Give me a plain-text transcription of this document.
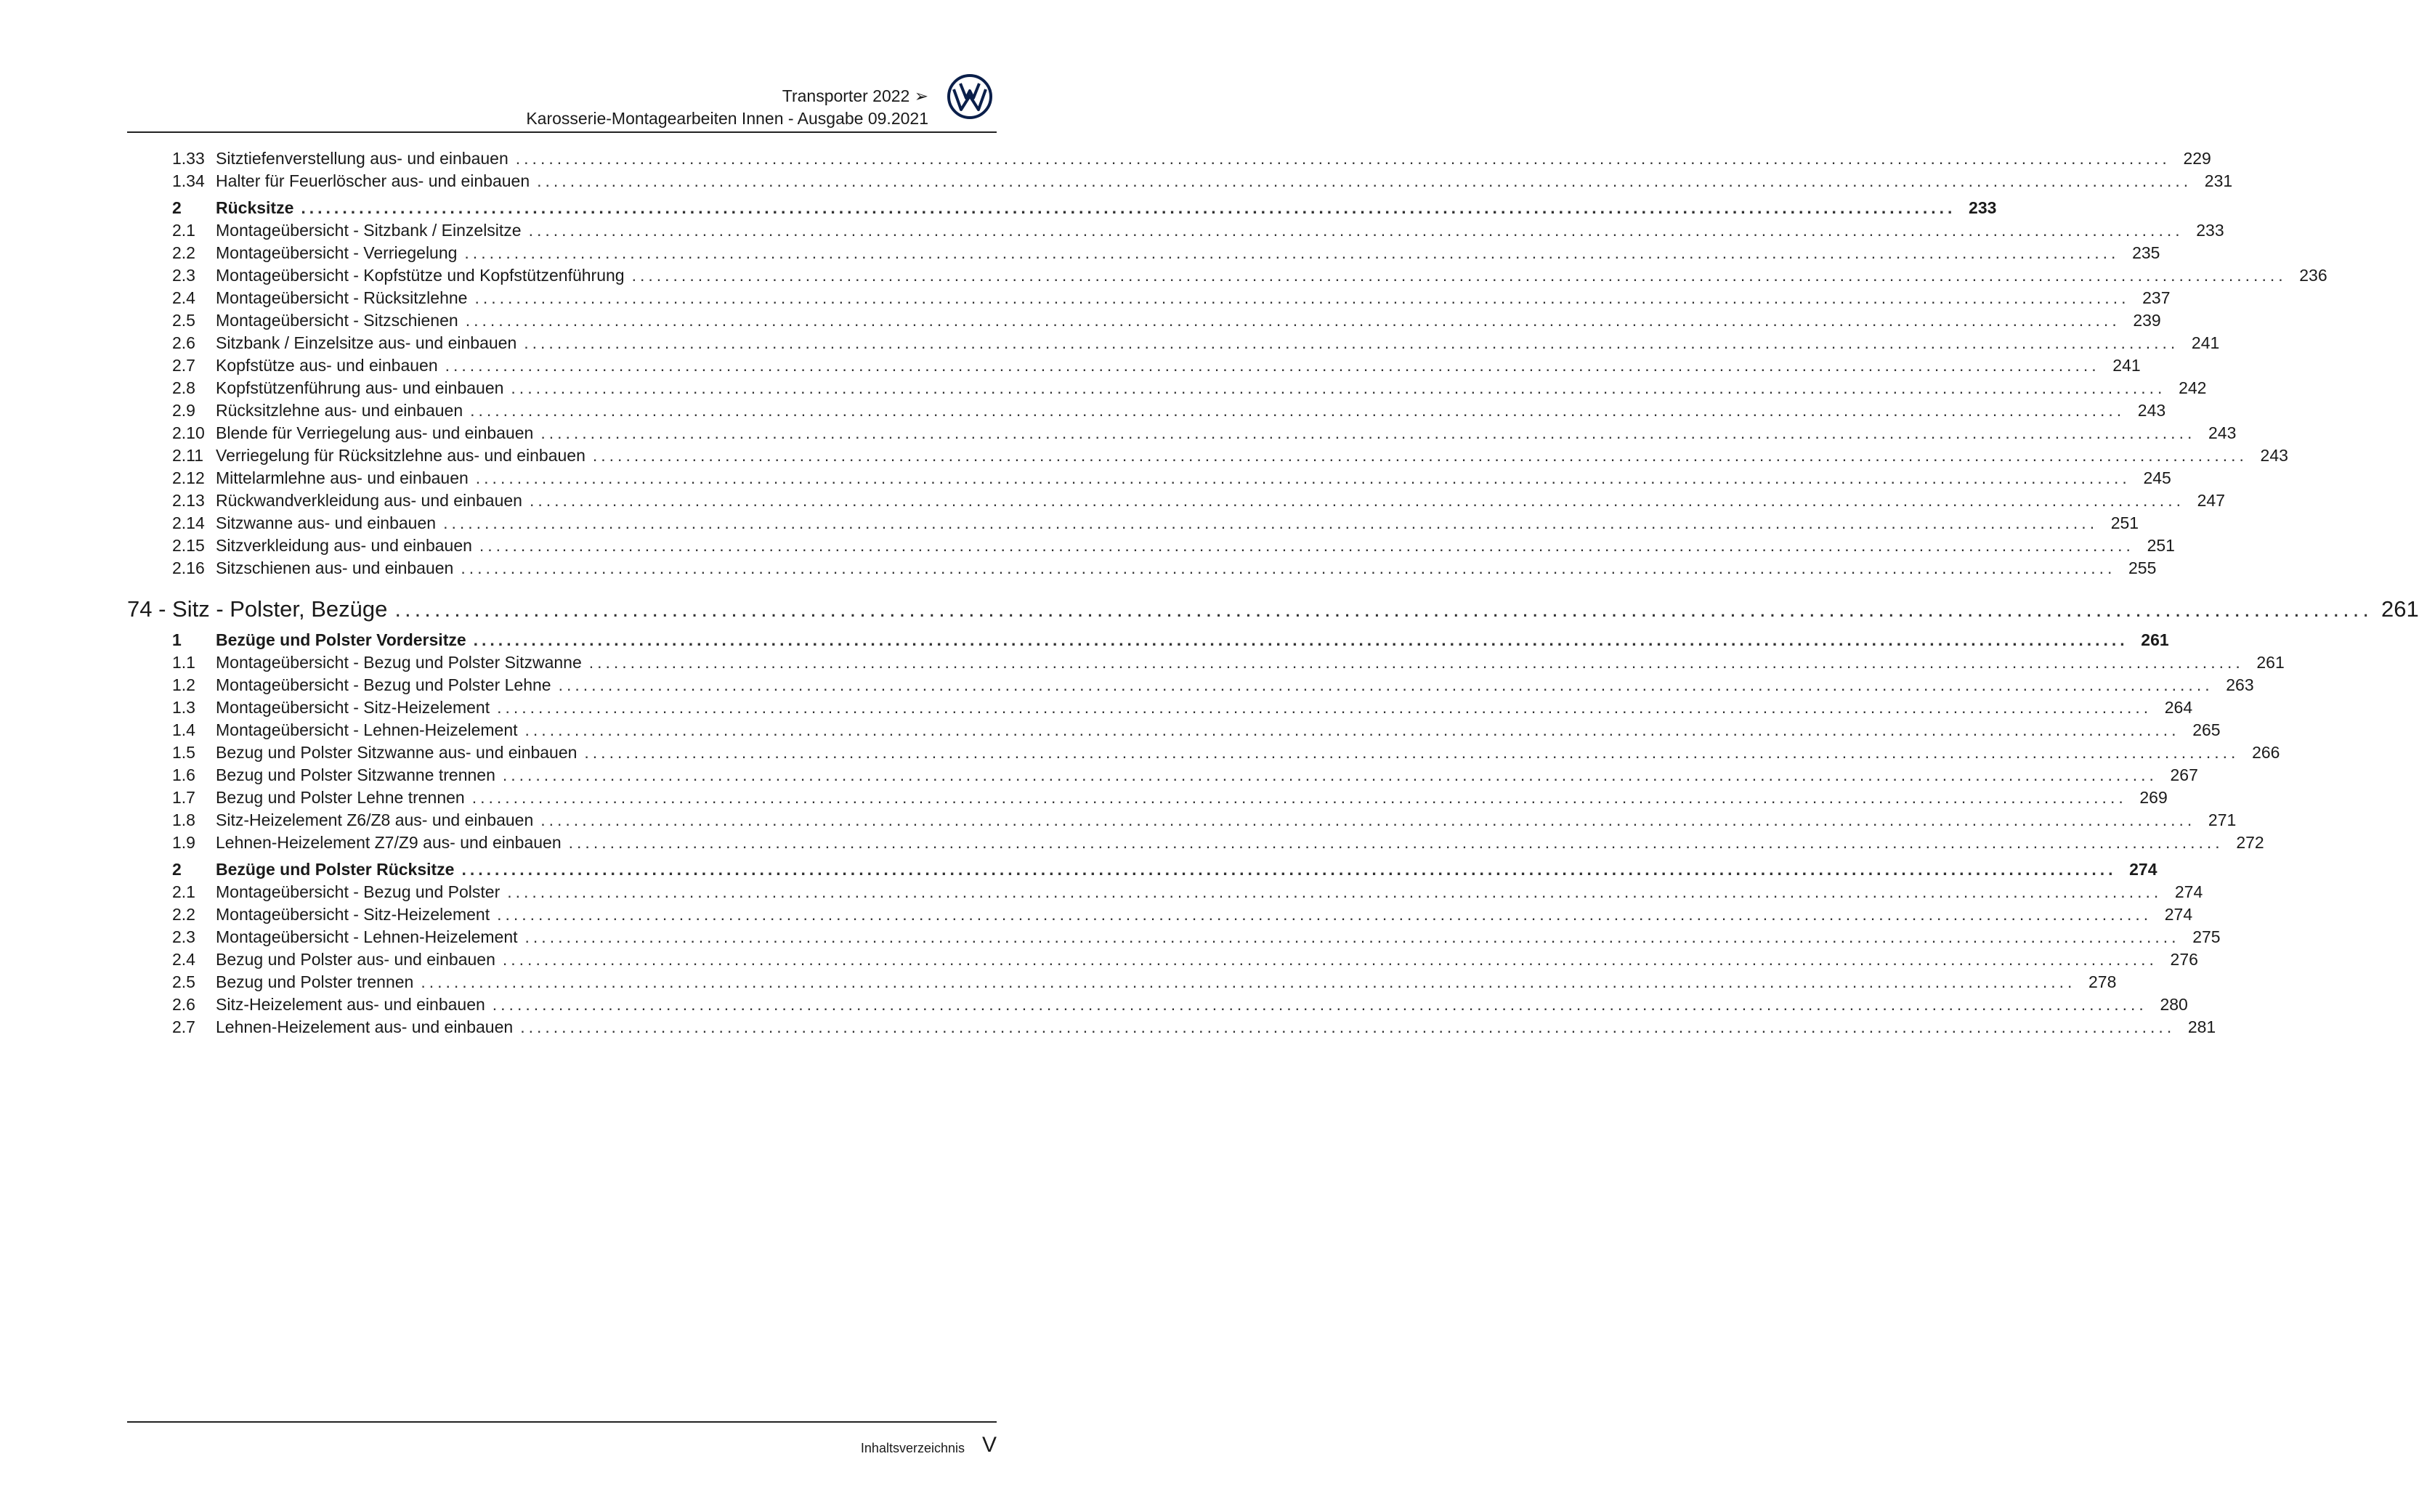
Transporter 2022 ➢
Karosserie-Montagearbeiten Innen - Ausgabe 09.2021
1.33 Sitztiefenverstellung aus- und einbauen ........................................................................................................................................................................................................ 229
1.34 Halter für Feuerlöscher aus- und einbauen ........................................................................................................................................................................................................ 231
2	Rücksitze ........................................................................................................................................................................................................ 233
2.1	Montageübersicht - Sitzbank / Einzelsitze ........................................................................................................................................................................................................ 233
2.2	Montageübersicht - Verriegelung ........................................................................................................................................................................................................ 235
2.3	Montageübersicht - Kopfstütze und Kopfstützenführung ........................................................................................................................................................................................................ 236
2.4	Montageübersicht - Rücksitzlehne ........................................................................................................................................................................................................ 237
2.5	Montageübersicht - Sitzschienen ........................................................................................................................................................................................................ 239
2.6	Sitzbank / Einzelsitze aus- und einbauen ........................................................................................................................................................................................................ 241
2.7	Kopfstütze aus- und einbauen ........................................................................................................................................................................................................ 241
2.8	Kopfstützenführung aus- und einbauen ........................................................................................................................................................................................................ 242
2.9	Rücksitzlehne aus- und einbauen ........................................................................................................................................................................................................ 243
2.10 Blende für Verriegelung aus- und einbauen ........................................................................................................................................................................................................ 243
2.11 Verriegelung für Rücksitzlehne aus- und einbauen ........................................................................................................................................................................................................ 243
2.12 Mittelarmlehne aus- und einbauen ........................................................................................................................................................................................................ 245
2.13 Rückwandverkleidung aus- und einbauen ........................................................................................................................................................................................................ 247
2.14 Sitzwanne aus- und einbauen ........................................................................................................................................................................................................ 251
2.15 Sitzverkleidung aus- und einbauen ........................................................................................................................................................................................................ 251
2.16 Sitzschienen aus- und einbauen ........................................................................................................................................................................................................ 255
74 - Sitz - Polster, Bezüge ........................................................................................................................................................................................................ 261
1	Bezüge und Polster Vordersitze ........................................................................................................................................................................................................ 261
1.1	Montageübersicht - Bezug und Polster Sitzwanne ........................................................................................................................................................................................................ 261
1.2	Montageübersicht - Bezug und Polster Lehne ........................................................................................................................................................................................................ 263
1.3	Montageübersicht - Sitz-Heizelement ........................................................................................................................................................................................................ 264
1.4	Montageübersicht - Lehnen-Heizelement ........................................................................................................................................................................................................ 265
1.5	Bezug und Polster Sitzwanne aus- und einbauen ........................................................................................................................................................................................................ 266
1.6	Bezug und Polster Sitzwanne trennen ........................................................................................................................................................................................................ 267
1.7	Bezug und Polster Lehne trennen ........................................................................................................................................................................................................ 269
1.8	Sitz-Heizelement Z6/Z8 aus- und einbauen ........................................................................................................................................................................................................ 271
1.9	Lehnen-Heizelement Z7/Z9 aus- und einbauen ........................................................................................................................................................................................................ 272
2	Bezüge und Polster Rücksitze ........................................................................................................................................................................................................ 274
2.1	Montageübersicht - Bezug und Polster ........................................................................................................................................................................................................ 274
2.2	Montageübersicht - Sitz-Heizelement ........................................................................................................................................................................................................ 274
2.3	Montageübersicht - Lehnen-Heizelement ........................................................................................................................................................................................................ 275
2.4	Bezug und Polster aus- und einbauen ........................................................................................................................................................................................................ 276
2.5	Bezug und Polster trennen ........................................................................................................................................................................................................ 278
2.6	Sitz-Heizelement aus- und einbauen ........................................................................................................................................................................................................ 280
2.7	Lehnen-Heizelement aus- und einbauen ........................................................................................................................................................................................................ 281
Inhaltsverzeichnis V
